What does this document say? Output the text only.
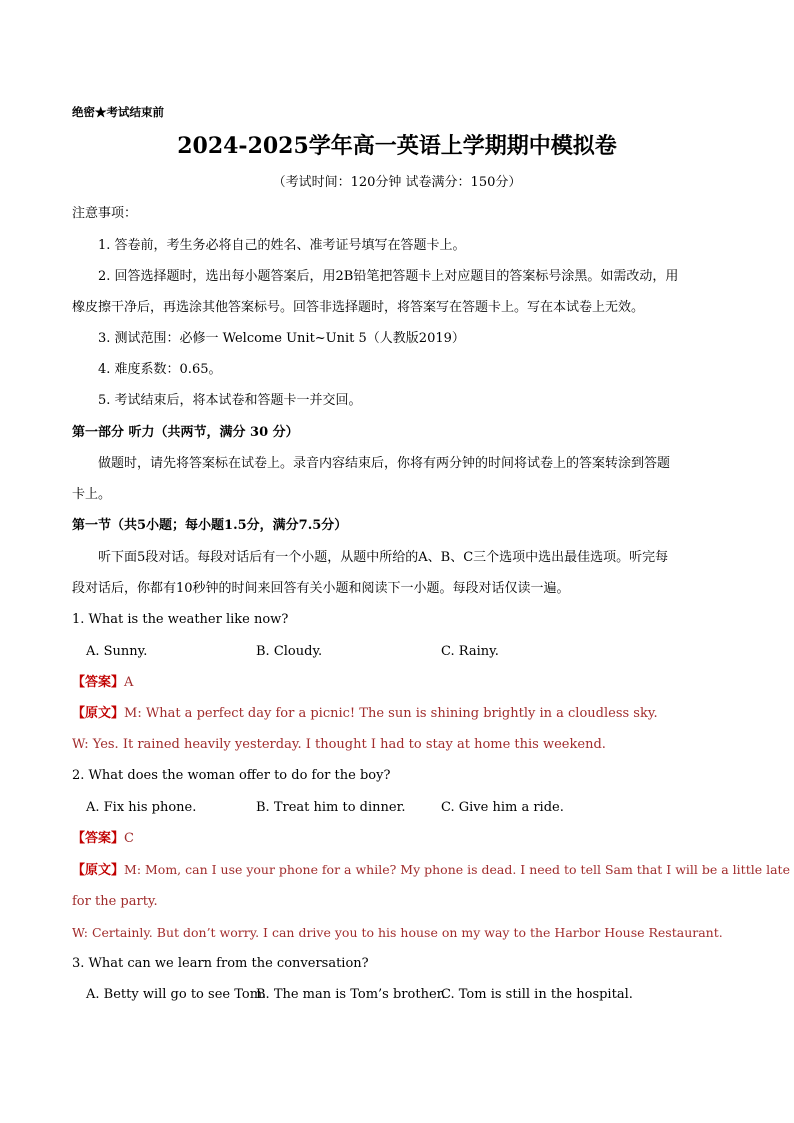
绝密★考试结束前
2024-2025学年高一英语上学期期中模拟卷
（考试时间：120分钟 试卷满分：150分）
注意事项：
1. 答卷前，考生务必将自己的姓名、准考证号填写在答题卡上。
2. 回答选择题时，选出每小题答案后，用2B铅笔把答题卡上对应题目的答案标号涂黑。如需改动，用
橡皮擦干净后，再选涂其他答案标号。回答非选择题时，将答案写在答题卡上。写在本试卷上无效。
3. 测试范围：必修一 Welcome Unit~Unit 5（人教版2019）
4. 难度系数：0.65。
5. 考试结束后，将本试卷和答题卡一并交回。
第一部分 听力（共两节，满分 30 分）
做题时，请先将答案标在试卷上。录音内容结束后，你将有两分钟的时间将试卷上的答案转涂到答题
卡上。
第一节（共5小题；每小题1.5分，满分7.5分）
听下面5段对话。每段对话后有一个小题，从题中所给的A、B、C三个选项中选出最佳选项。听完每
段对话后，你都有10秒钟的时间来回答有关小题和阅读下一小题。每段对话仅读一遍。
1. What is the weather like now?
A. Sunny.	B. Cloudy.	C. Rainy.
【答案】A
【原文】M: What a perfect day for a picnic! The sun is shining brightly in a cloudless sky.
W: Yes. It rained heavily yesterday. I thought I had to stay at home this weekend.
2. What does the woman offer to do for the boy?
A. Fix his phone.	B. Treat him to dinner.	C. Give him a ride.
【答案】C
【原文】M: Mom, can I use your phone for a while? My phone is dead. I need to tell Sam that I will be a little late
for the party.
W: Certainly. But don’t worry. I can drive you to his house on my way to the Harbor House Restaurant.
3. What can we learn from the conversation?
A. Betty will go to see Tom.
B. The man is Tom’s brother.
C. Tom is still in the hospital.
